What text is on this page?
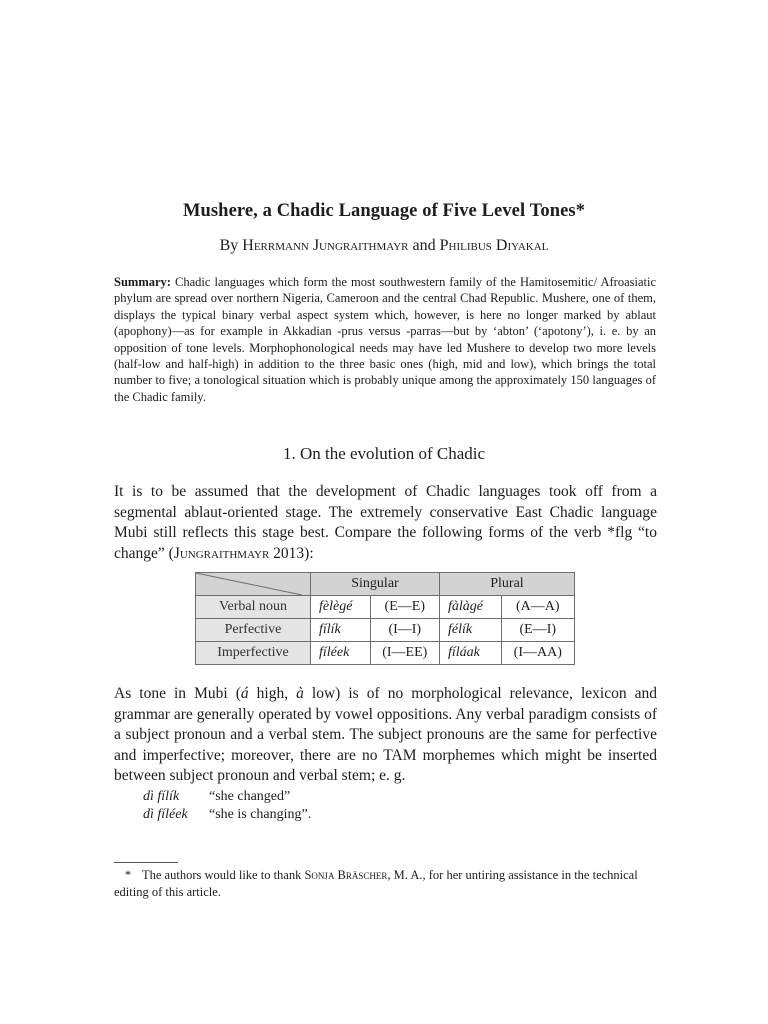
Mushere, a Chadic Language of Five Level Tones*
By Herrmann Jungraithmayr and Philibus Diyakal
Summary: Chadic languages which form the most southwestern family of the Hamitosemitic/ Afroasiatic phylum are spread over northern Nigeria, Cameroon and the central Chad Republic. Mushere, one of them, displays the typical binary verbal aspect system which, however, is here no longer marked by ablaut (apophony)—as for example in Akkadian -prus versus -parras—but by ‘abton’ (‘apotony’), i. e. by an opposition of tone levels. Morphophonological needs may have led Mushere to develop two more levels (half-low and half-high) in addition to the three basic ones (high, mid and low), which brings the total number to five; a tonological situation which is probably unique among the approximately 150 languages of the Chadic family.
1. On the evolution of Chadic
It is to be assumed that the development of Chadic languages took off from a segmental ablaut-oriented stage. The extremely conservative East Chadic language Mubi still reflects this stage best. Compare the following forms of the verb *flg “to change” (Jungraithmayr 2013):
	Singular		Plural	
Verbal noun	fèlègé	(E—E)	fàlàgé	(A—A)
Perfective	fílík	(I—I)	félík	(E—I)
Imperfective	fíléek	(I—EE)	fíláak	(I—AA)
As tone in Mubi (á high, à low) is of no morphological relevance, lexicon and grammar are generally operated by vowel oppositions. Any verbal paradigm consists of a subject pronoun and a verbal stem. The subject pronouns are the same for perfective and imperfective; moreover, there are no TAM morphemes which might be inserted between subject pronoun and verbal stem; e. g.
dì fílík	“she changed”
dì fíléek	“she is changing”.
* The authors would like to thank Sonja Bräscher, M. A., for her untiring assistance in the technical editing of this article.
